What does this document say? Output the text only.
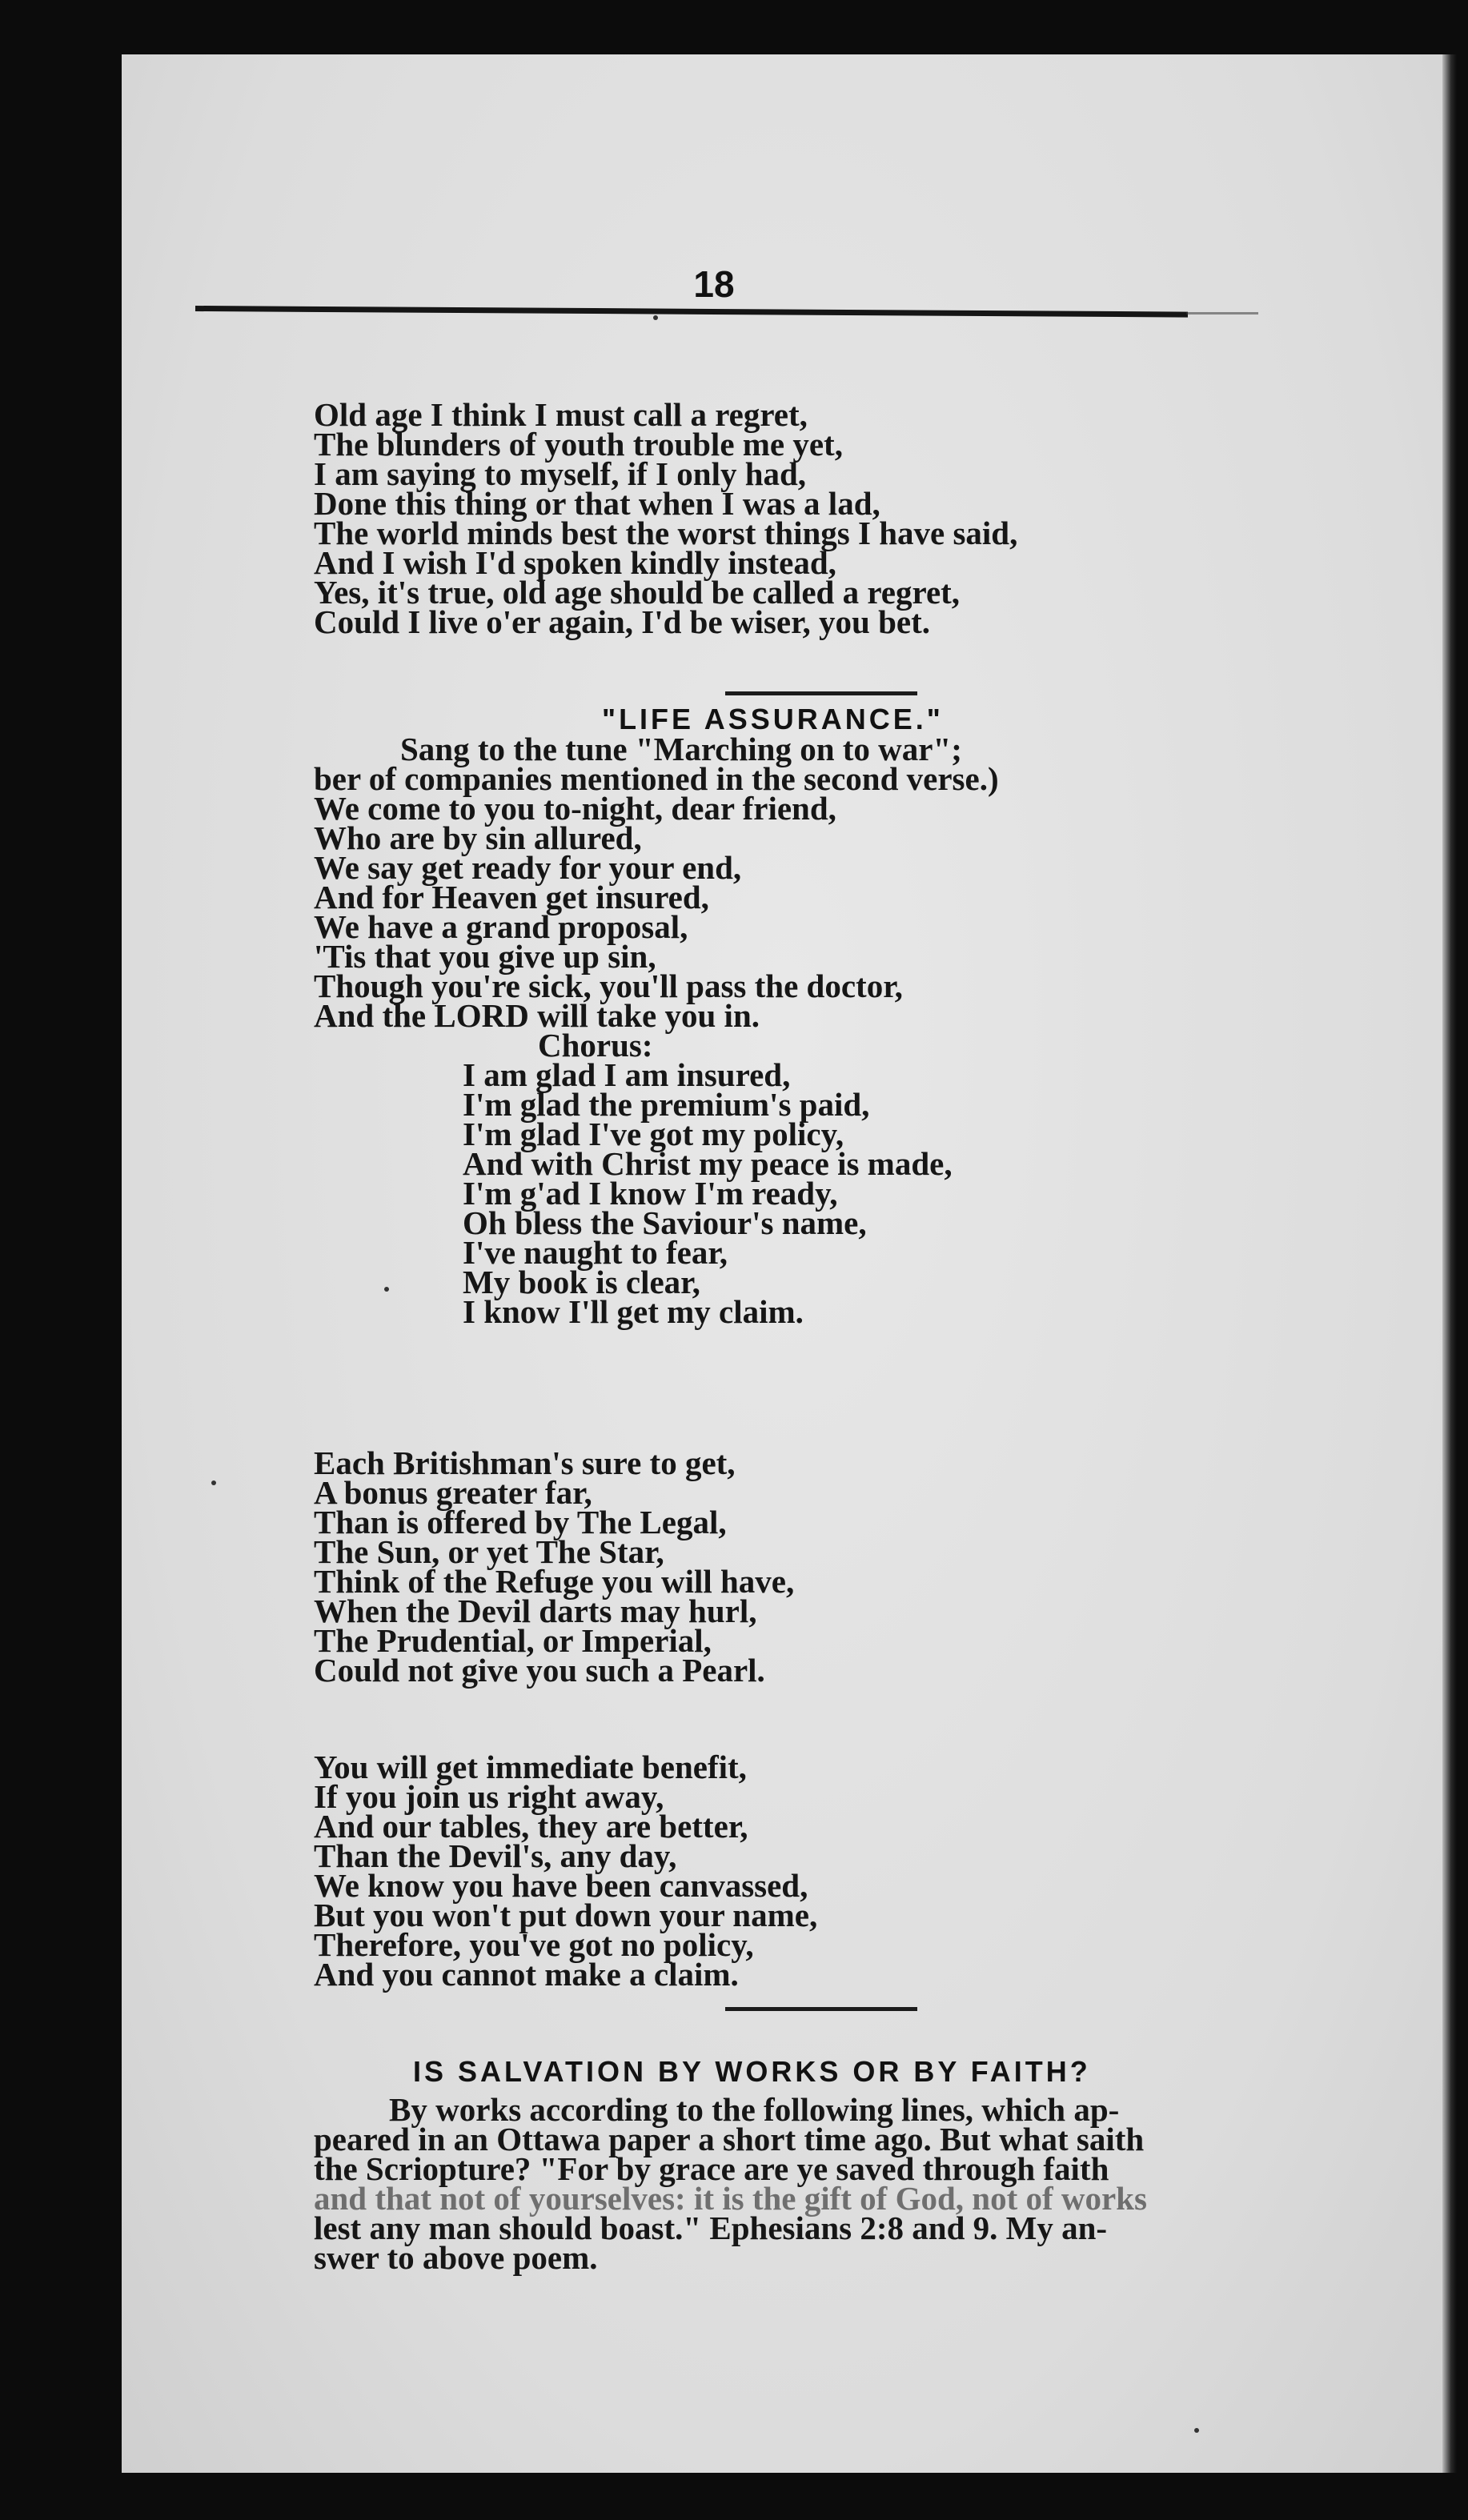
18
Old age I think I must call a regret,
The blunders of youth trouble me yet,
I am saying to myself, if I only had,
Done this thing or that when I was a lad,
The world minds best the worst things I have said,
And I wish I'd spoken kindly instead,
Yes, it's true, old age should be called a regret,
Could I live o'er again, I'd be wiser, you bet.
"LIFE ASSURANCE."
Sang to the tune "Marching on to war";
ber of companies mentioned in the second verse.)
We come to you to-night, dear friend,
Who are by sin allured,
We say get ready for your end,
And for Heaven get insured,
We have a grand proposal,
'Tis that you give up sin,
Though you're sick, you'll pass the doctor,
And the LORD will take you in.
Chorus:
I am glad I am insured,
I'm glad the premium's paid,
I'm glad I've got my policy,
And with Christ my peace is made,
I'm g'ad I know I'm ready,
Oh bless the Saviour's name,
I've naught to fear,
My book is clear,
I know I'll get my claim.
Each Britishman's sure to get,
A bonus greater far,
Than is offered by The Legal,
The Sun, or yet The Star,
Think of the Refuge you will have,
When the Devil darts may hurl,
The Prudential, or Imperial,
Could not give you such a Pearl.
You will get immediate benefit,
If you join us right away,
And our tables, they are better,
Than the Devil's, any day,
We know you have been canvassed,
But you won't put down your name,
Therefore, you've got no policy,
And you cannot make a claim.
IS SALVATION BY WORKS OR BY FAITH?
By works according to the following lines, which ap-
peared in an Ottawa paper a short time ago. But what saith
the Scriopture? "For by grace are ye saved through faith
and that not of yourselves: it is the gift of God, not of works
lest any man should boast." Ephesians 2:8 and 9. My an-
swer to above poem.
